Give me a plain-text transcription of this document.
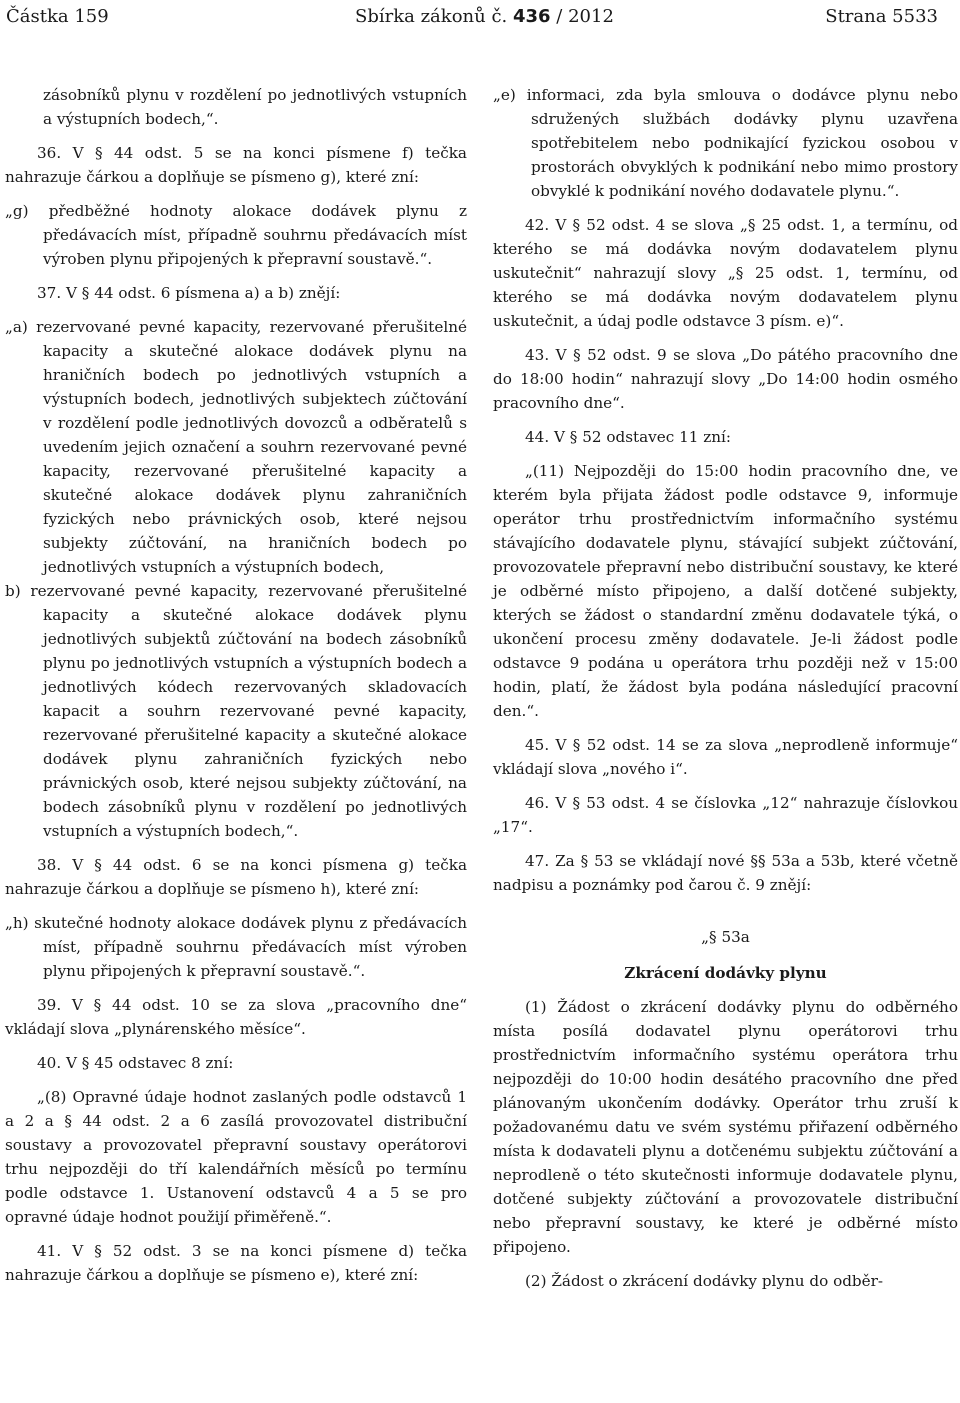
Částka 159	Sbírka zákonů č. 436 / 2012	Strana 5533

zásobníků plynu v rozdělení po jednotlivých vstupních a výstupních bodech,“.

36. V § 44 odst. 5 se na konci písmene f) tečka nahrazuje čárkou a doplňuje se písmeno g), které zní:

„g) předběžné hodnoty alokace dodávek plynu z předávacích míst, případně souhrnu předávacích míst výroben plynu připojených k přepravní soustavě.“.

37. V § 44 odst. 6 písmena a) a b) znějí:

„a) rezervované pevné kapacity, rezervované přerušitelné kapacity a skutečné alokace dodávek plynu na hraničních bodech po jednotlivých vstupních a výstupních bodech, jednotlivých subjektech zúčtování v rozdělení podle jednotlivých dovozců a odběratelů s uvedením jejich označení a souhrn rezervované pevné kapacity, rezervované přerušitelné kapacity a skutečné alokace dodávek plynu zahraničních fyzických nebo právnických osob, které nejsou subjekty zúčtování, na hraničních bodech po jednotlivých vstupních a výstupních bodech,

b) rezervované pevné kapacity, rezervované přerušitelné kapacity a skutečné alokace dodávek plynu jednotlivých subjektů zúčtování na bodech zásobníků plynu po jednotlivých vstupních a výstupních bodech a jednotlivých kódech rezervovaných skladovacích kapacit a souhrn rezervované pevné kapacity, rezervované přerušitelné kapacity a skutečné alokace dodávek plynu zahraničních fyzických nebo právnických osob, které nejsou subjekty zúčtování, na bodech zásobníků plynu v rozdělení po jednotlivých vstupních a výstupních bodech,“.

38. V § 44 odst. 6 se na konci písmena g) tečka nahrazuje čárkou a doplňuje se písmeno h), které zní:

„h) skutečné hodnoty alokace dodávek plynu z předávacích míst, případně souhrnu předávacích míst výroben plynu připojených k přepravní soustavě.“.

39. V § 44 odst. 10 se za slova „pracovního dne“ vkládají slova „plynárenského měsíce“.

40. V § 45 odstavec 8 zní:

„(8) Opravné údaje hodnot zaslaných podle odstavců 1 a 2 a § 44 odst. 2 a 6 zasílá provozovatel distribuční soustavy a provozovatel přepravní soustavy operátorovi trhu nejpozději do tří kalendářních měsíců po termínu podle odstavce 1. Ustanovení odstavců 4 a 5 se pro opravné údaje hodnot použijí přiměřeně.“.

41. V § 52 odst. 3 se na konci písmene d) tečka nahrazuje čárkou a doplňuje se písmeno e), které zní:

„e) informaci, zda byla smlouva o dodávce plynu nebo sdružených službách dodávky plynu uzavřena spotřebitelem nebo podnikající fyzickou osobou v prostorách obvyklých k podnikání nebo mimo prostory obvyklé k podnikání nového dodavatele plynu.“.

42. V § 52 odst. 4 se slova „§ 25 odst. 1, a termínu, od kterého se má dodávka novým dodavatelem plynu uskutečnit“ nahrazují slovy „§ 25 odst. 1, termínu, od kterého se má dodávka novým dodavatelem plynu uskutečnit, a údaj podle odstavce 3 písm. e)“.

43. V § 52 odst. 9 se slova „Do pátého pracovního dne do 18:00 hodin“ nahrazují slovy „Do 14:00 hodin osmého pracovního dne“.

44. V § 52 odstavec 11 zní:

„(11) Nejpozději do 15:00 hodin pracovního dne, ve kterém byla přijata žádost podle odstavce 9, informuje operátor trhu prostřednictvím informačního systému stávajícího dodavatele plynu, stávající subjekt zúčtování, provozovatele přepravní nebo distribuční soustavy, ke které je odběrné místo připojeno, a další dotčené subjekty, kterých se žádost o standardní změnu dodavatele týká, o ukončení procesu změny dodavatele. Je-li žádost podle odstavce 9 podána u operátora trhu později než v 15:00 hodin, platí, že žádost byla podána následující pracovní den.“.

45. V § 52 odst. 14 se za slova „neprodleně informuje“ vkládají slova „nového i“.

46. V § 53 odst. 4 se číslovka „12“ nahrazuje číslovkou „17“.

47. Za § 53 se vkládají nové §§ 53a a 53b, které včetně nadpisu a poznámky pod čarou č. 9 znějí:

„§ 53a

Zkrácení dodávky plynu

(1) Žádost o zkrácení dodávky plynu do odběrného místa posílá dodavatel plynu operátorovi trhu prostřednictvím informačního systému operátora trhu nejpozději do 10:00 hodin desátého pracovního dne před plánovaným ukončením dodávky. Operátor trhu zruší k požadovanému datu ve svém systému přiřazení odběrného místa k dodavateli plynu a dotčenému subjektu zúčtování a neprodleně o této skutečnosti informuje dodavatele plynu, dotčené subjekty zúčtování a provozovatele distribuční nebo přepravní soustavy, ke které je odběrné místo připojeno.

(2) Žádost o zkrácení dodávky plynu do odběr-
